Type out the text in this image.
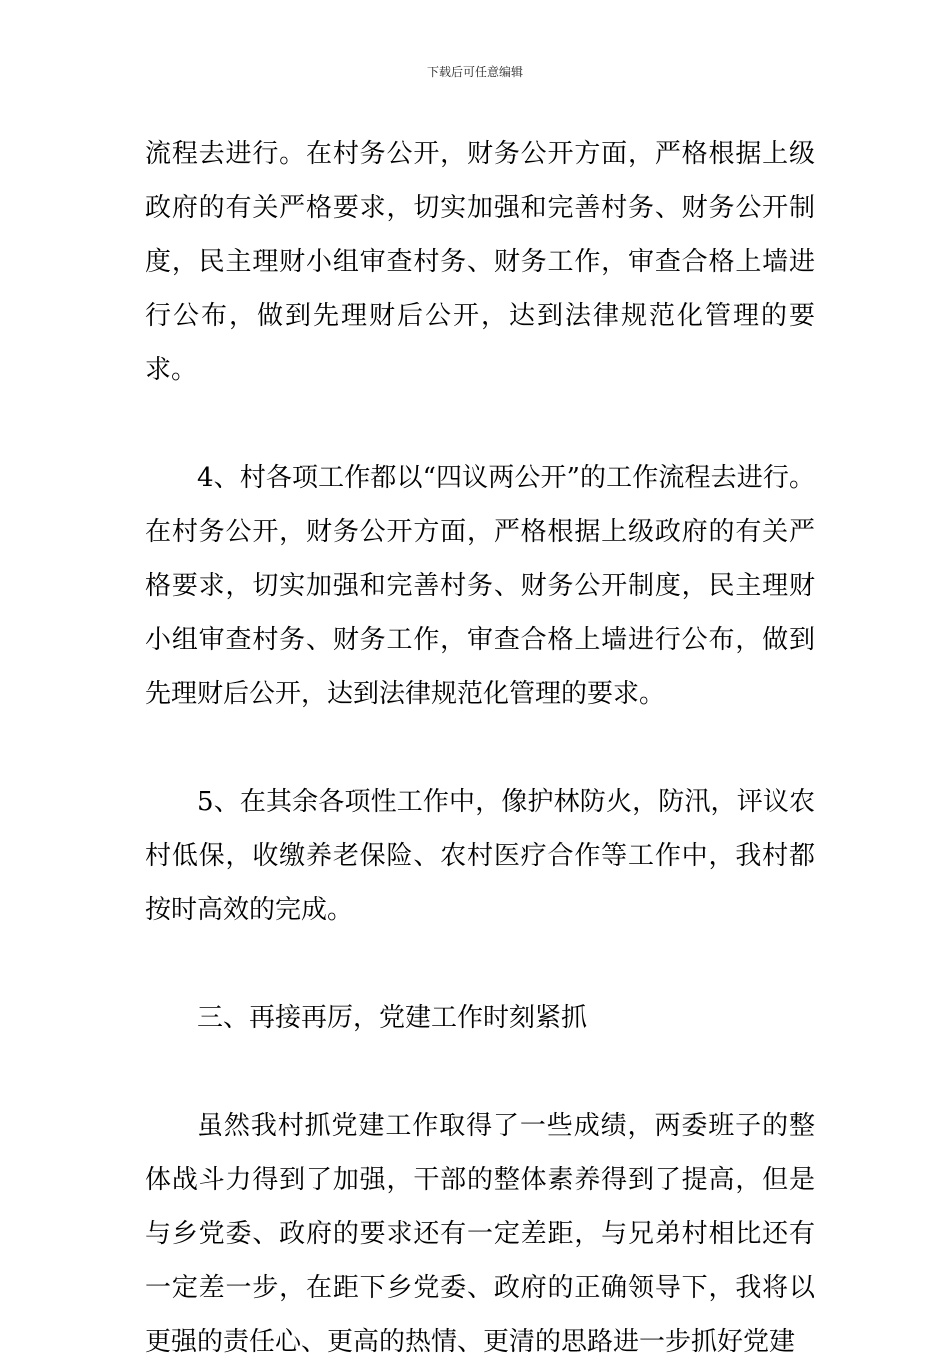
下载后可任意编辑

流程去进行。在村务公开，财务公开方面，严格根据上级政府的有关严格要求，切实加强和完善村务、财务公开制度，民主理财小组审查村务、财务工作，审查合格上墙进行公布，做到先理财后公开，达到法律规范化管理的要求。

4、村各项工作都以“四议两公开”的工作流程去进行。在村务公开，财务公开方面，严格根据上级政府的有关严格要求，切实加强和完善村务、财务公开制度，民主理财小组审查村务、财务工作，审查合格上墙进行公布，做到先理财后公开，达到法律规范化管理的要求。

5、在其余各项性工作中，像护林防火，防汛，评议农村低保，收缴养老保险、农村医疗合作等工作中，我村都按时高效的完成。

三、再接再厉，党建工作时刻紧抓

虽然我村抓党建工作取得了一些成绩，两委班子的整体战斗力得到了加强，干部的整体素养得到了提高，但是与乡党委、政府的要求还有一定差距，与兄弟村相比还有一定差一步，在距下乡党委、政府的正确领导下，我将以更强的责任心、更高的热情、更清的思路进一步抓好党建
